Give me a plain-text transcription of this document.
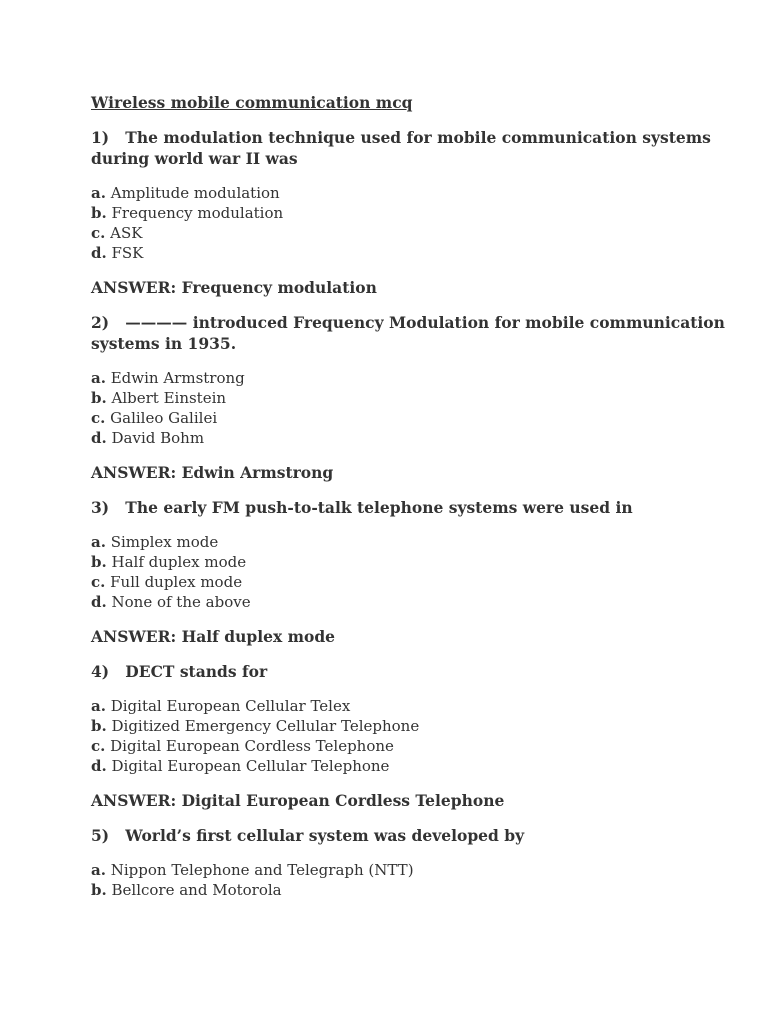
Wireless mobile communication mcq
1)   The modulation technique used for mobile communication systems during world war II was
a. Amplitude modulation
b. Frequency modulation
c. ASK
d. FSK
ANSWER: Frequency modulation
2)   ———— introduced Frequency Modulation for mobile communication systems in 1935.
a. Edwin Armstrong
b. Albert Einstein
c. Galileo Galilei
d. David Bohm
ANSWER: Edwin Armstrong
3)   The early FM push-to-talk telephone systems were used in
a. Simplex mode
b. Half duplex mode
c. Full duplex mode
d. None of the above
ANSWER: Half duplex mode
4)   DECT stands for
a. Digital European Cellular Telex
b. Digitized Emergency Cellular Telephone
c. Digital European Cordless Telephone
d. Digital European Cellular Telephone
ANSWER: Digital European Cordless Telephone
5)   World’s first cellular system was developed by
a. Nippon Telephone and Telegraph (NTT)
b. Bellcore and Motorola
